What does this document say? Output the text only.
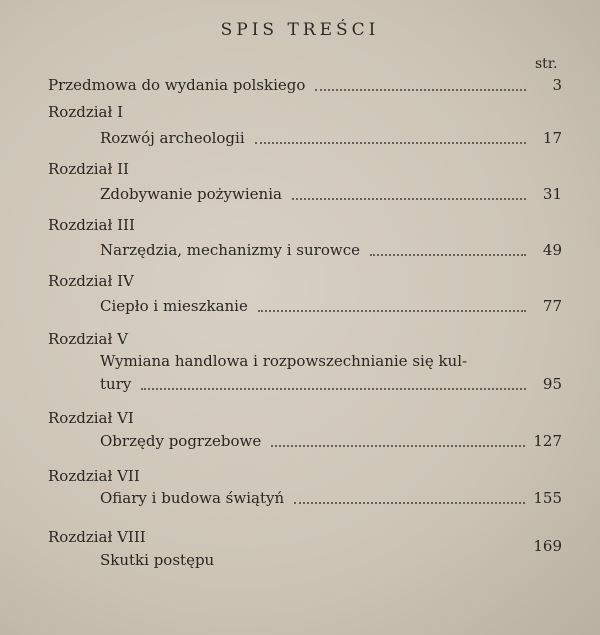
SPIS TREŚCI
str.
Przedmowa do wydania polskiego	3
Rozdział I
Rozwój archeologii	17
Rozdział II
Zdobywanie pożywienia	31
Rozdział III
Narzędzia, mechanizmy i surowce	49
Rozdział IV
Ciepło i mieszkanie	77
Rozdział V
Wymiana handlowa i rozpowszechnianie się kul-
tury	95
Rozdział VI
Obrzędy pogrzebowe	127
Rozdział VII
Ofiary i budowa świątyń	155
Rozdział VIII	169
Skutki postępu
